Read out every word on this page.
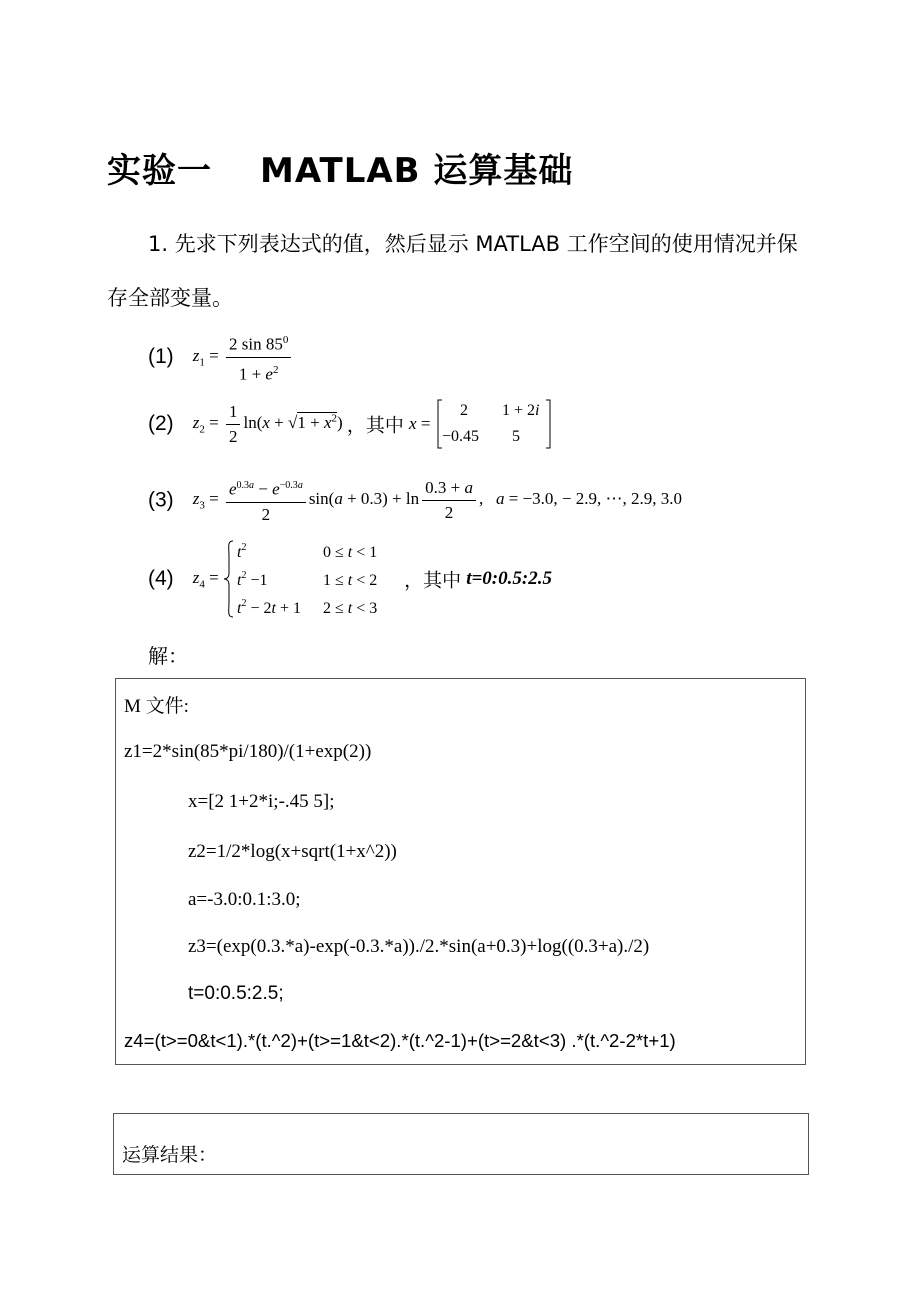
实验一 MATLAB 运算基础
1. 先求下列表达式的值，然后显示 MATLAB 工作空间的使用情况并保
存全部变量。
(1) $z_1 = \frac{2 \sin 85^0}{1 + e^2}$
(2) $z_2 = \frac{1}{2} \ln(x + √1 + x^2)$ ，其中 x =
2 1 + 2i
−0.45 5
(3) $z_3 = \frac{e^{0.3a} - e^{-0.3a}}{2} \sin(a + 0.3) + \ln \frac{0.3 + a}{2}$ ,   a = −3.0, − 2.9, ⋯, 2.9, 3.0
(4) $z_4$ =
$t^2$	0 ≤ t < 1
$t^2 -1$	1 ≤ t < 2
$t^2 - 2t + 1$ 2 ≤ t < 3
，其中 t=0:0.5:2.5
解：
M 文件:
z1=2*sin(85*pi/180)/(1+exp(2))
x=[2 1+2*i;-.45 5];
z2=1/2*log(x+sqrt(1+x^2))
a=-3.0:0.1:3.0;
z3=(exp(0.3.*a)-exp(-0.3.*a))./2.*sin(a+0.3)+log((0.3+a)./2)
t=0:0.5:2.5;
z4=(t>=0&t<1).*(t.^2)+(t>=1&t<2).*(t.^2-1)+(t>=2&t<3) .*(t.^2-2*t+1)
运算结果：
